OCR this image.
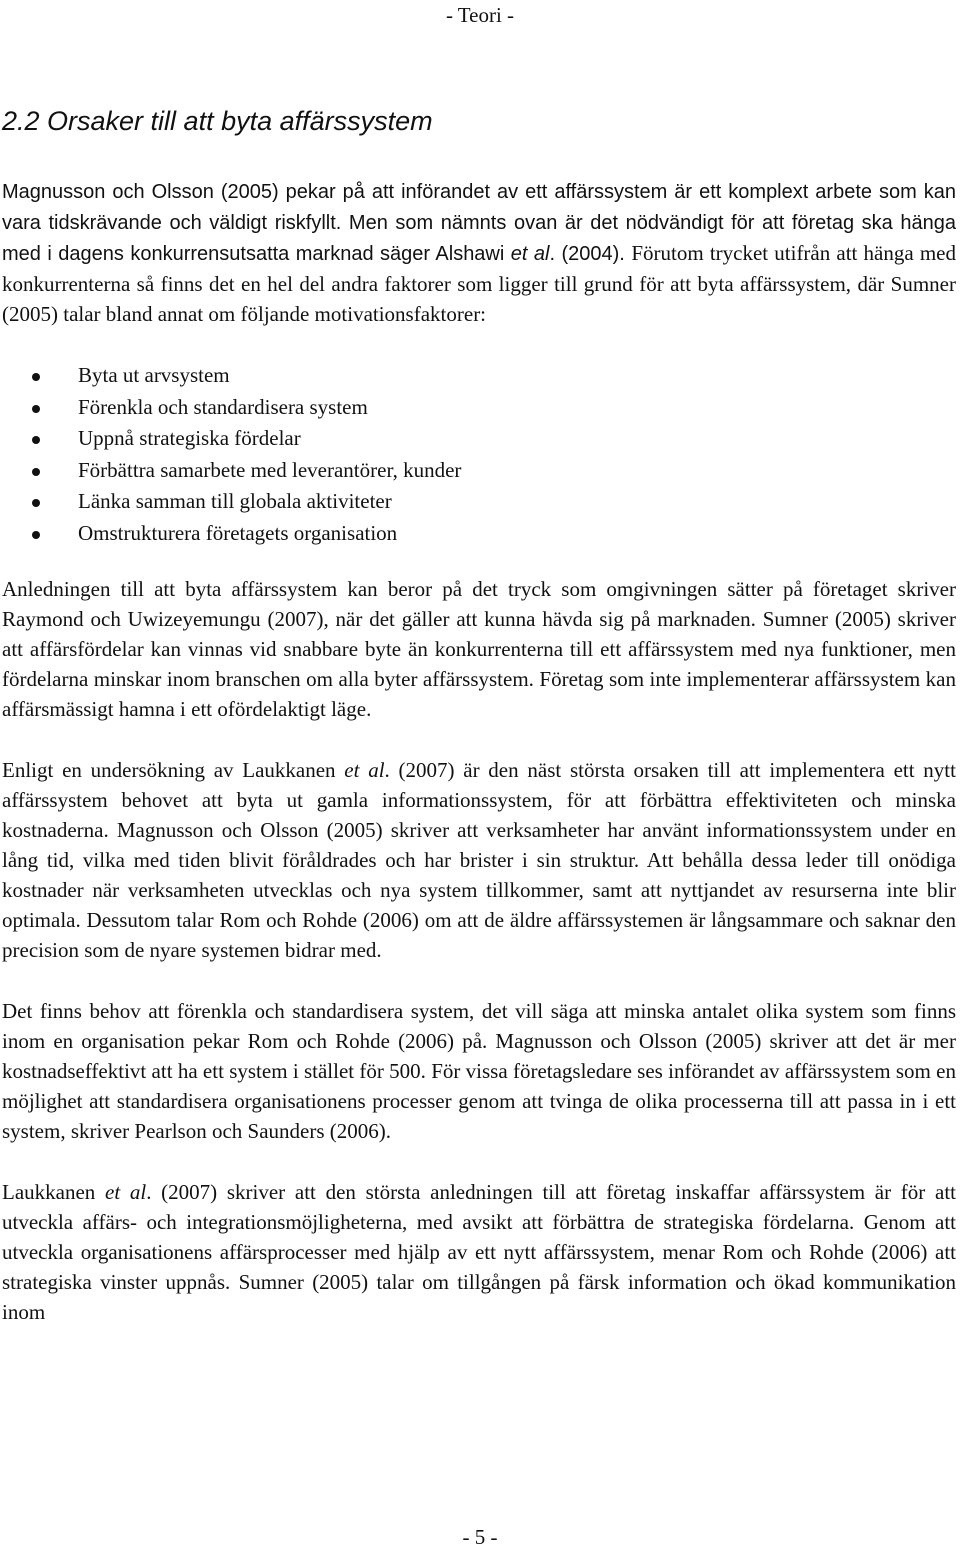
- Teori -
2.2 Orsaker till att byta affärssystem

Magnusson och Olsson (2005) pekar på att införandet av ett affärssystem är ett komplext arbete som kan vara tidskrävande och väldigt riskfyllt. Men som nämnts ovan är det nödvändigt för att företag ska hänga med i dagens konkurrensutsatta marknad säger Alshawi et al. (2004). Förutom trycket utifrån att hänga med konkurrenterna så finns det en hel del andra faktorer som ligger till grund för att byta affärssystem, där Sumner (2005) talar bland annat om följande motivationsfaktorer:

Byta ut arvsystem
Förenkla och standardisera system
Uppnå strategiska fördelar
Förbättra samarbete med leverantörer, kunder
Länka samman till globala aktiviteter
Omstrukturera företagets organisation

Anledningen till att byta affärssystem kan beror på det tryck som omgivningen sätter på företaget skriver Raymond och Uwizeyemungu (2007), när det gäller att kunna hävda sig på marknaden. Sumner (2005) skriver att affärsfördelar kan vinnas vid snabbare byte än konkurrenterna till ett affärssystem med nya funktioner, men fördelarna minskar inom branschen om alla byter affärssystem. Företag som inte implementerar affärssystem kan affärsmässigt hamna i ett ofördelaktigt läge.

Enligt en undersökning av Laukkanen et al. (2007) är den näst största orsaken till att implementera ett nytt affärssystem behovet att byta ut gamla informationssystem, för att förbättra effektiviteten och minska kostnaderna. Magnusson och Olsson (2005) skriver att verksamheter har använt informationssystem under en lång tid, vilka med tiden blivit föråldrades och har brister i sin struktur. Att behålla dessa leder till onödiga kostnader när verksamheten utvecklas och nya system tillkommer, samt att nyttjandet av resurserna inte blir optimala. Dessutom talar Rom och Rohde (2006) om att de äldre affärssystemen är långsammare och saknar den precision som de nyare systemen bidrar med.

Det finns behov att förenkla och standardisera system, det vill säga att minska antalet olika system som finns inom en organisation pekar Rom och Rohde (2006) på. Magnusson och Olsson (2005) skriver att det är mer kostnadseffektivt att ha ett system i stället för 500. För vissa företagsledare ses införandet av affärssystem som en möjlighet att standardisera organisationens processer genom att tvinga de olika processerna till att passa in i ett system, skriver Pearlson och Saunders (2006).

Laukkanen et al. (2007) skriver att den största anledningen till att företag inskaffar affärssystem är för att utveckla affärs- och integrationsmöjligheterna, med avsikt att förbättra de strategiska fördelarna. Genom att utveckla organisationens affärsprocesser med hjälp av ett nytt affärssystem, menar Rom och Rohde (2006) att strategiska vinster uppnås. Sumner (2005) talar om tillgången på färsk information och ökad kommunikation inom

- 5 -
